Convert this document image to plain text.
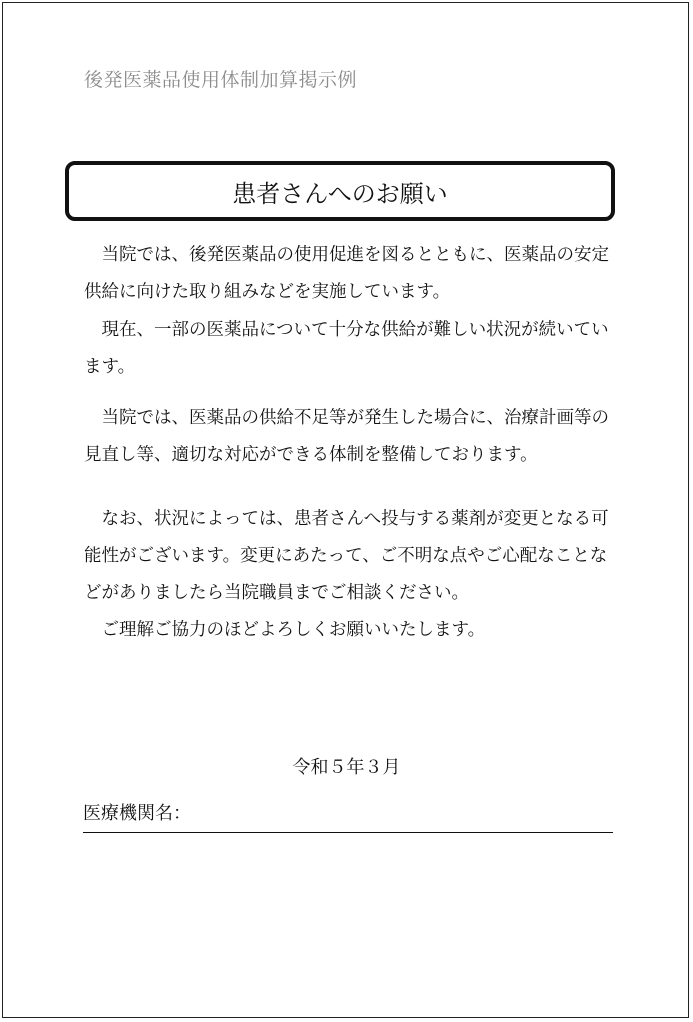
後発医薬品使用体制加算掲示例
患者さんへのお願い

当院では、後発医薬品の使用促進を図るとともに、医薬品の安定供給に向けた取り組みなどを実施しています。

現在、一部の医薬品について十分な供給が難しい状況が続いています。

当院では、医薬品の供給不足等が発生した場合に、治療計画等の見直し等、適切な対応ができる体制を整備しております。

なお、状況によっては、患者さんへ投与する薬剤が変更となる可能性がございます。変更にあたって、ご不明な点やご心配なことなどがありましたら当院職員までご相談ください。

ご理解ご協力のほどよろしくお願いいたします。

令和５年３月
医療機関名：
